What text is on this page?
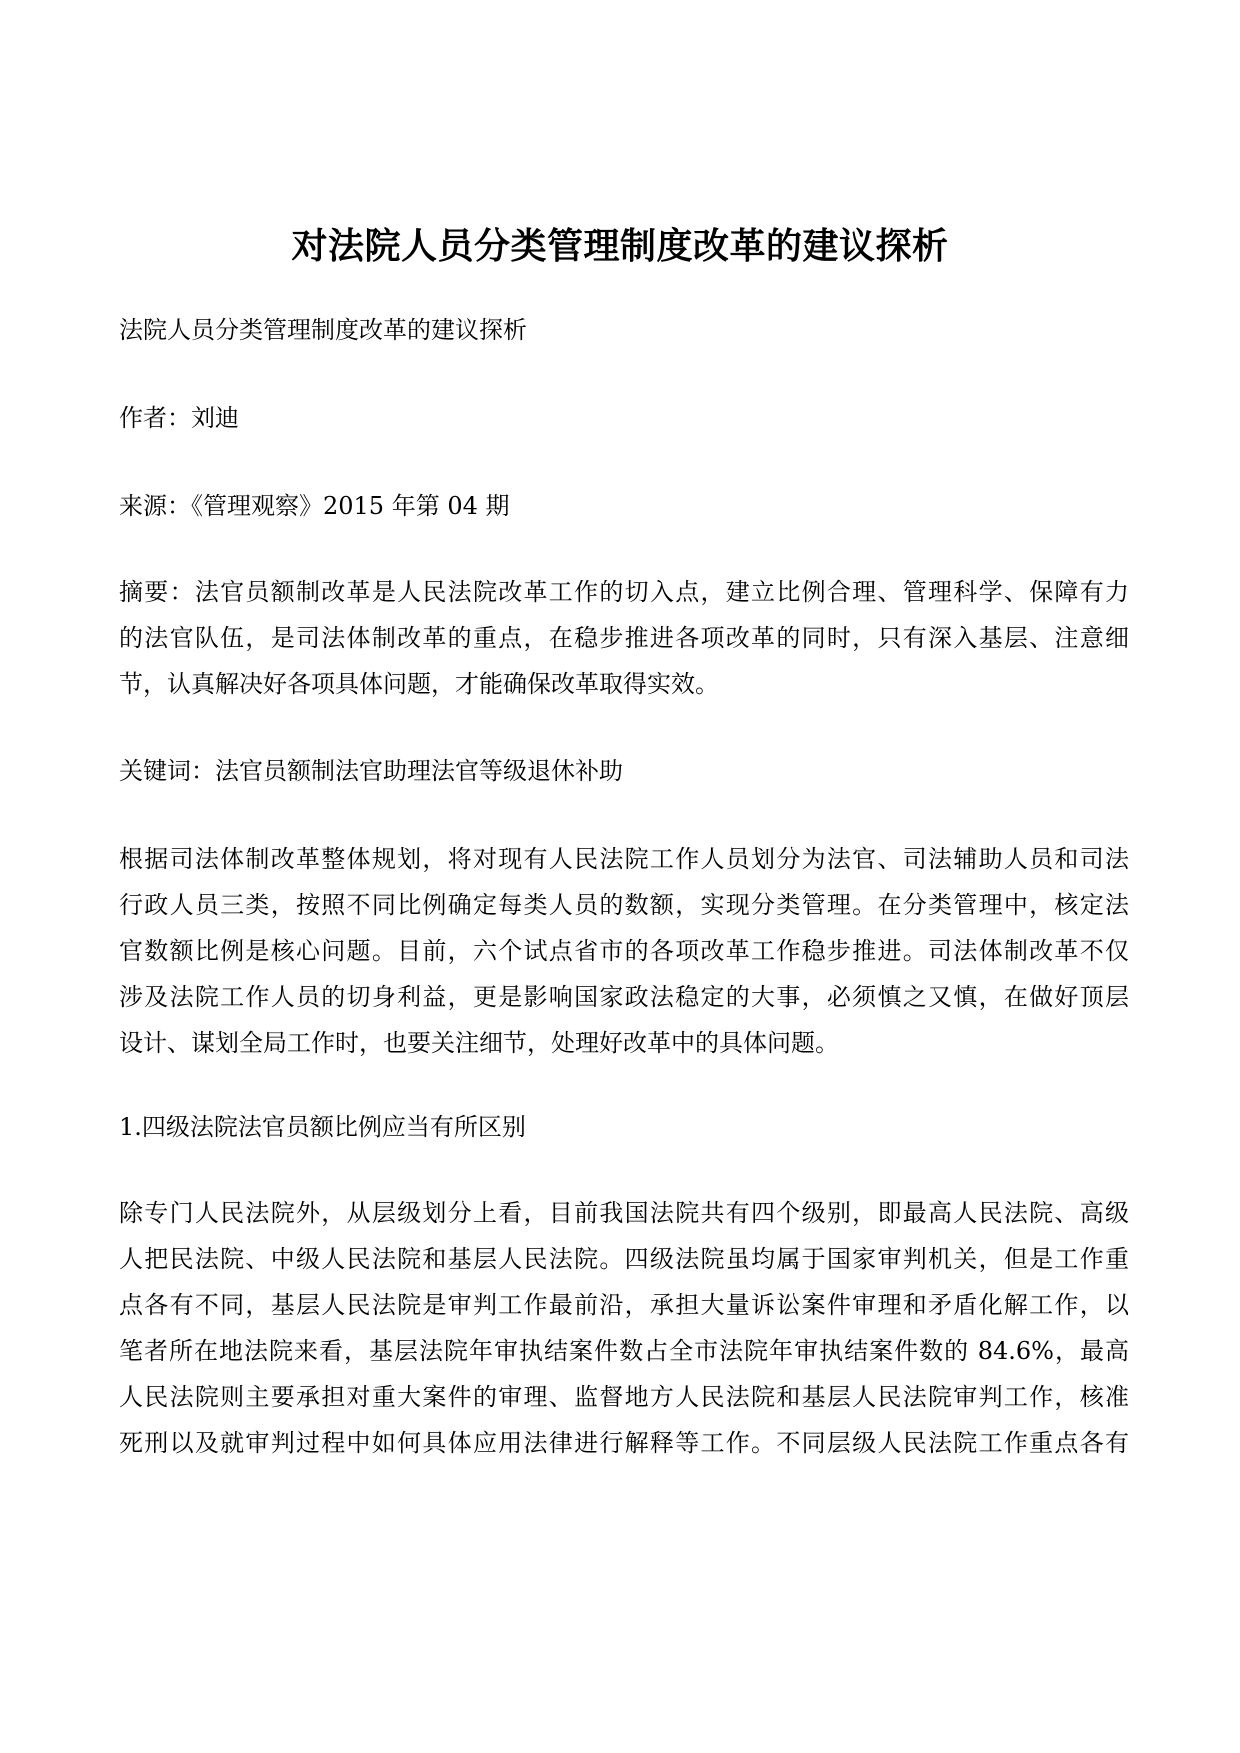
对法院人员分类管理制度改革的建议探析

法院人员分类管理制度改革的建议探析

作者：刘迪

来源：《管理观察》2015 年第 04 期

摘要：法官员额制改革是人民法院改革工作的切入点，建立比例合理、管理科学、保障有力
的法官队伍，是司法体制改革的重点，在稳步推进各项改革的同时，只有深入基层、注意细
节，认真解决好各项具体问题，才能确保改革取得实效。

关键词：法官员额制法官助理法官等级退休补助

根据司法体制改革整体规划，将对现有人民法院工作人员划分为法官、司法辅助人员和司法
行政人员三类，按照不同比例确定每类人员的数额，实现分类管理。在分类管理中，核定法
官数额比例是核心问题。目前，六个试点省市的各项改革工作稳步推进。司法体制改革不仅
涉及法院工作人员的切身利益，更是影响国家政法稳定的大事，必须慎之又慎，在做好顶层
设计、谋划全局工作时，也要关注细节，处理好改革中的具体问题。

1.四级法院法官员额比例应当有所区别

除专门人民法院外，从层级划分上看，目前我国法院共有四个级别，即最高人民法院、高级
人把民法院、中级人民法院和基层人民法院。四级法院虽均属于国家审判机关，但是工作重
点各有不同，基层人民法院是审判工作最前沿，承担大量诉讼案件审理和矛盾化解工作，以
笔者所在地法院来看，基层法院年审执结案件数占全市法院年审执结案件数的 84.6%，最高
人民法院则主要承担对重大案件的审理、监督地方人民法院和基层人民法院审判工作，核准
死刑以及就审判过程中如何具体应用法律进行解释等工作。不同层级人民法院工作重点各有
